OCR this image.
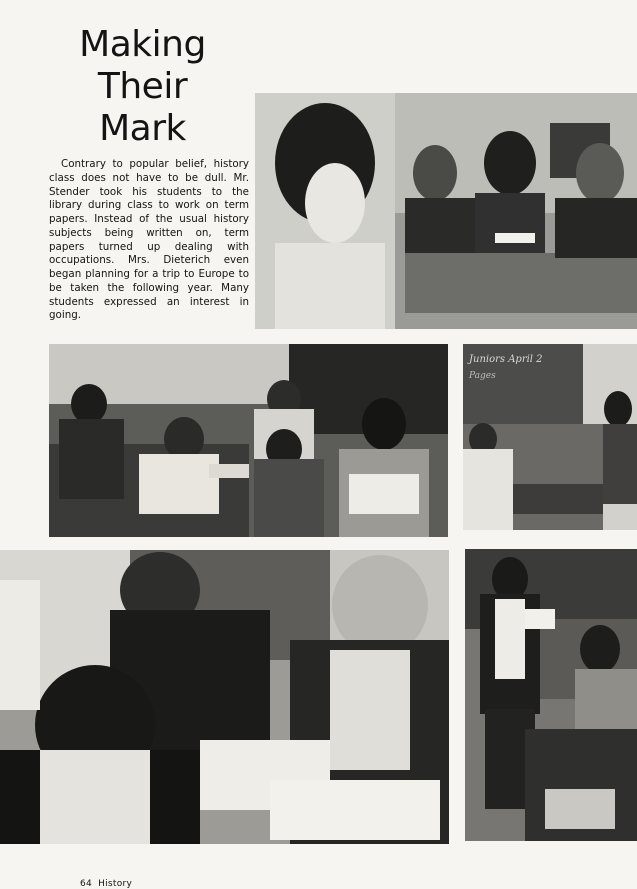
Making
Their
Mark

Contrary to popular belief, history class does not have to be dull. Mr. Stender took his students to the library during class to work on term papers. Instead of the usual history subjects being written on, term papers turned up dealing with occupations. Mrs. Dieterich even began planning for a trip to Europe to be taken the following year. Many students expressed an interest in going.

Juniors April 2
Pages
64 History
